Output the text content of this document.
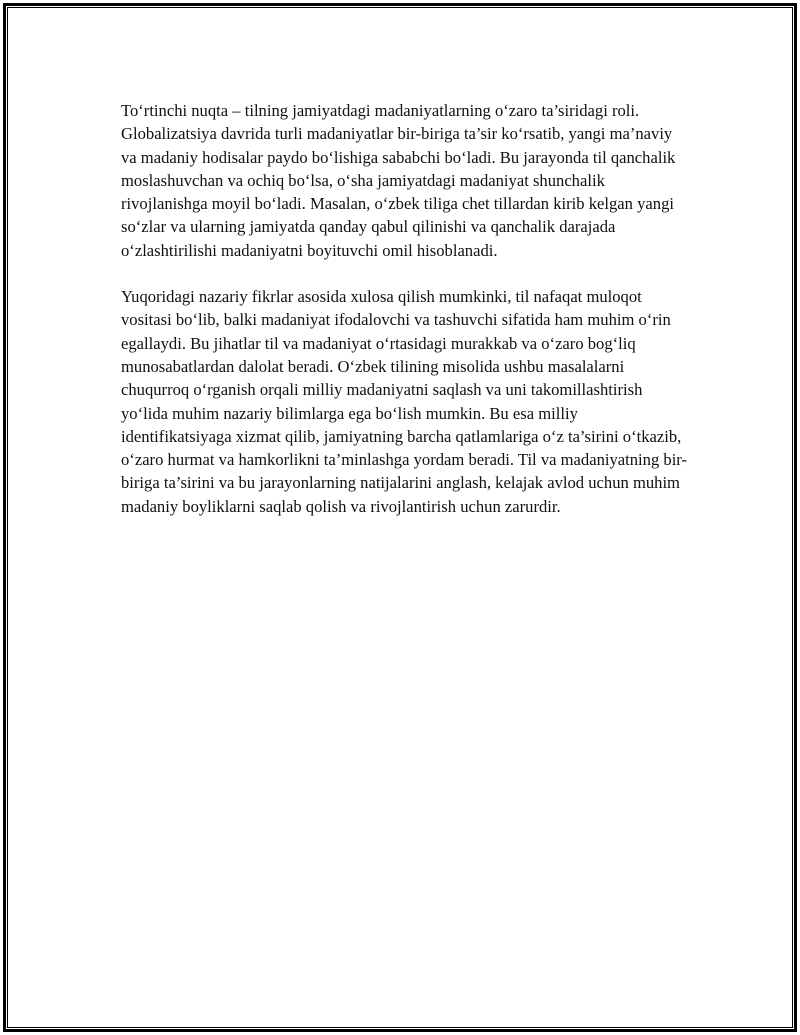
To‘rtinchi nuqta – tilning jamiyatdagi madaniyatlarning o‘zaro ta’siridagi roli. Globalizatsiya davrida turli madaniyatlar bir-biriga ta’sir ko‘rsatib, yangi ma’naviy va madaniy hodisalar paydo bo‘lishiga sababchi bo‘ladi. Bu jarayonda til qanchalik moslashuvchan va ochiq bo‘lsa, o‘sha jamiyatdagi madaniyat shunchalik rivojlanishga moyil bo‘ladi. Masalan, o‘zbek tiliga chet tillardan kirib kelgan yangi so‘zlar va ularning jamiyatda qanday qabul qilinishi va qanchalik darajada o‘zlashtirilishi madaniyatni boyituvchi omil hisoblanadi.

Yuqoridagi nazariy fikrlar asosida xulosa qilish mumkinki, til nafaqat muloqot vositasi bo‘lib, balki madaniyat ifodalovchi va tashuvchi sifatida ham muhim o‘rin egallaydi. Bu jihatlar til va madaniyat o‘rtasidagi murakkab va o‘zaro bog‘liq munosabatlardan dalolat beradi. O‘zbek tilining misolida ushbu masalalarni chuqurroq o‘rganish orqali milliy madaniyatni saqlash va uni takomillashtirish yo‘lida muhim nazariy bilimlarga ega bo‘lish mumkin. Bu esa milliy identifikatsiyaga xizmat qilib, jamiyatning barcha qatlamlariga o‘z ta’sirini o‘tkazib, o‘zaro hurmat va hamkorlikni ta’minlashga yordam beradi. Til va madaniyatning bir-biriga ta’sirini va bu jarayonlarning natijalarini anglash, kelajak avlod uchun muhim madaniy boyliklarni saqlab qolish va rivojlantirish uchun zarurdir.
